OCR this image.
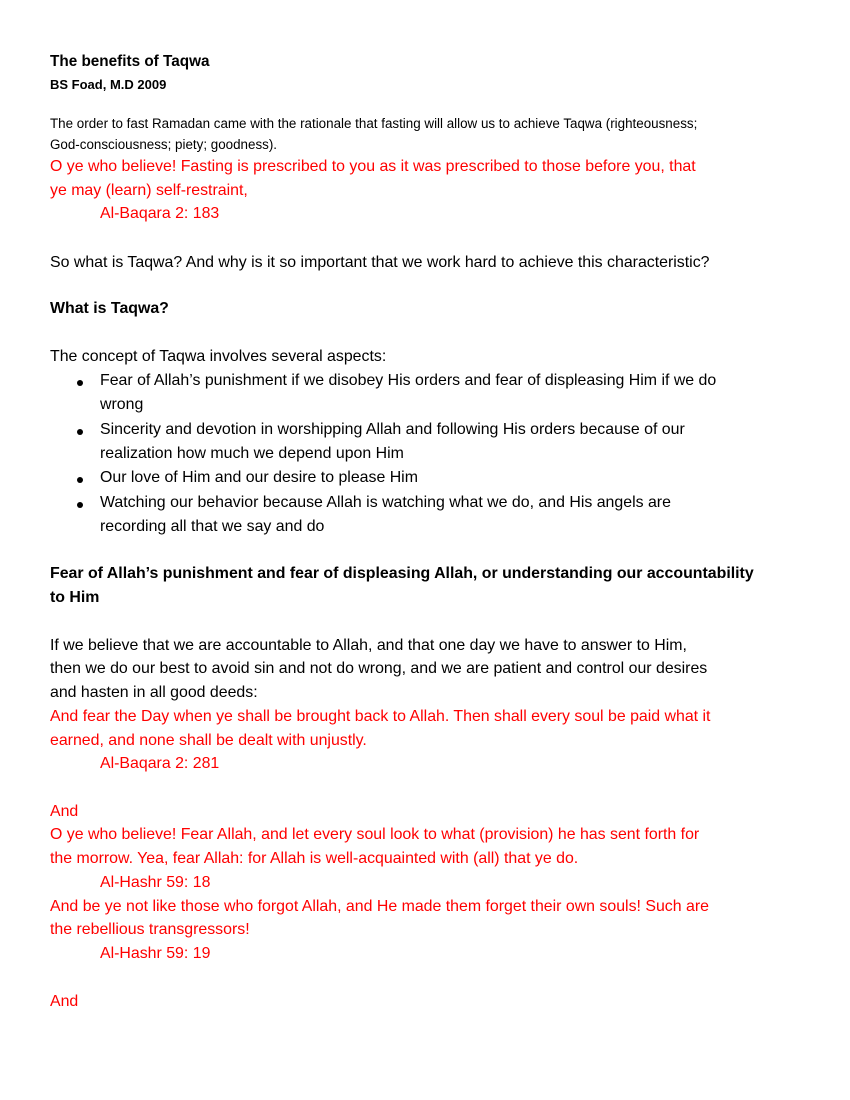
The benefits of Taqwa
BS Foad, M.D 2009
The order to fast Ramadan came with the rationale that fasting will allow us to achieve Taqwa (righteousness;
God-consciousness; piety; goodness).
O ye who believe! Fasting is prescribed to you as it was prescribed to those before you, that
ye may (learn) self-restraint,
Al-Baqara 2: 183
So what is Taqwa? And why is it so important that we work hard to achieve this characteristic?
What is Taqwa?
The concept of Taqwa involves several aspects:
Fear of Allah’s punishment if we disobey His orders and fear of displeasing Him if we do
wrong
Sincerity and devotion in worshipping Allah and following His orders because of our
realization how much we depend upon Him
Our love of Him and our desire to please Him
Watching our behavior because Allah is watching what we do, and His angels are
recording all that we say and do
Fear of Allah’s punishment and fear of displeasing Allah, or understanding our accountability
to Him
If we believe that we are accountable to Allah, and that one day we have to answer to Him,
then we do our best to avoid sin and not do wrong, and we are patient and control our desires
and hasten in all good deeds:
And fear the Day when ye shall be brought back to Allah. Then shall every soul be paid what it
earned, and none shall be dealt with unjustly.
Al-Baqara 2: 281
And
O ye who believe! Fear Allah, and let every soul look to what (provision) he has sent forth for
the morrow. Yea, fear Allah: for Allah is well-acquainted with (all) that ye do.
Al-Hashr 59: 18
And be ye not like those who forgot Allah, and He made them forget their own souls! Such are
the rebellious transgressors!
Al-Hashr 59: 19
And
